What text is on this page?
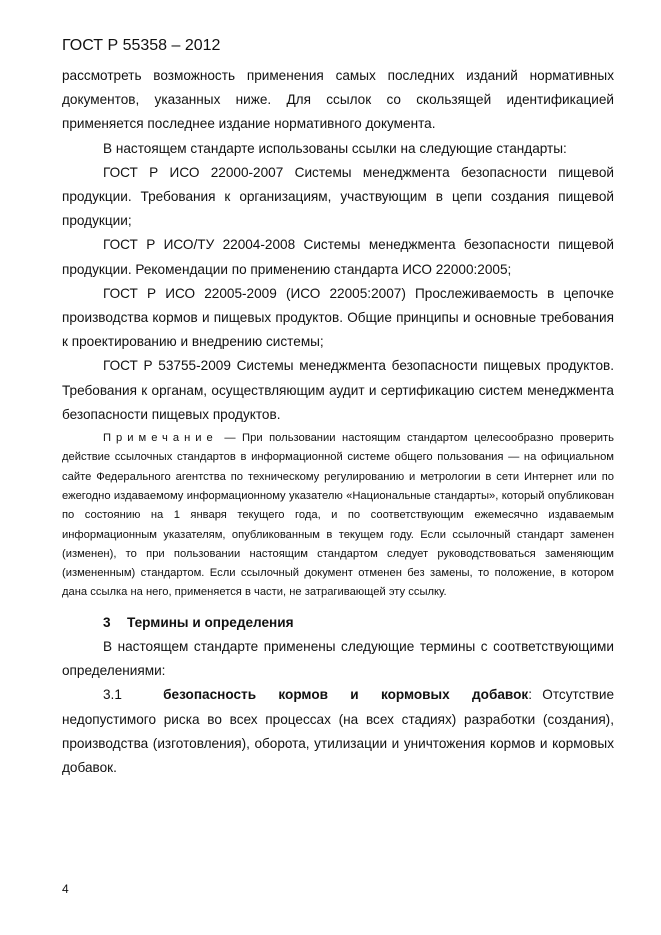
ГОСТ Р 55358 – 2012

рассмотреть возможность применения самых последних изданий нормативных документов, указанных ниже. Для ссылок со скользящей идентификацией применяется последнее издание нормативного документа.

В настоящем стандарте использованы ссылки на следующие стандарты:

ГОСТ Р ИСО 22000-2007 Системы менеджмента безопасности пищевой продукции. Требования к организациям, участвующим в цепи создания пищевой продукции;

ГОСТ Р ИСО/ТУ 22004-2008 Системы менеджмента безопасности пищевой продукции. Рекомендации по применению стандарта ИСО 22000:2005;

ГОСТ Р ИСО 22005-2009 (ИСО 22005:2007) Прослеживаемость в цепочке производства кормов и пищевых продуктов. Общие принципы и основные требования к проектированию и внедрению системы;

ГОСТ Р 53755-2009 Системы менеджмента безопасности пищевых продуктов. Требования к органам, осуществляющим аудит и сертификацию систем менеджмента безопасности пищевых продуктов.

Примечание — При пользовании настоящим стандартом целесообразно проверить действие ссылочных стандартов в информационной системе общего пользования — на официальном сайте Федерального агентства по техническому регулированию и метрологии в сети Интернет или по ежегодно издаваемому информационному указателю «Национальные стандарты», который опубликован по состоянию на 1 января текущего года, и по соответствующим ежемесячно издаваемым информационным указателям, опубликованным в текущем году. Если ссылочный стандарт заменен (изменен), то при пользовании настоящим стандартом следует руководствоваться заменяющим (измененным) стандартом. Если ссылочный документ отменен без замены, то положение, в котором дана ссылка на него, применяется в части, не затрагивающей эту ссылку.

3 Термины и определения

В настоящем стандарте применены следующие термины с соответствующими определениями:

3.1	безопасность кормов и кормовых добавок: Отсутствие недопустимого риска во всех процессах (на всех стадиях) разработки (создания), производства (изготовления), оборота, утилизации и уничтожения кормов и кормовых добавок.

4
